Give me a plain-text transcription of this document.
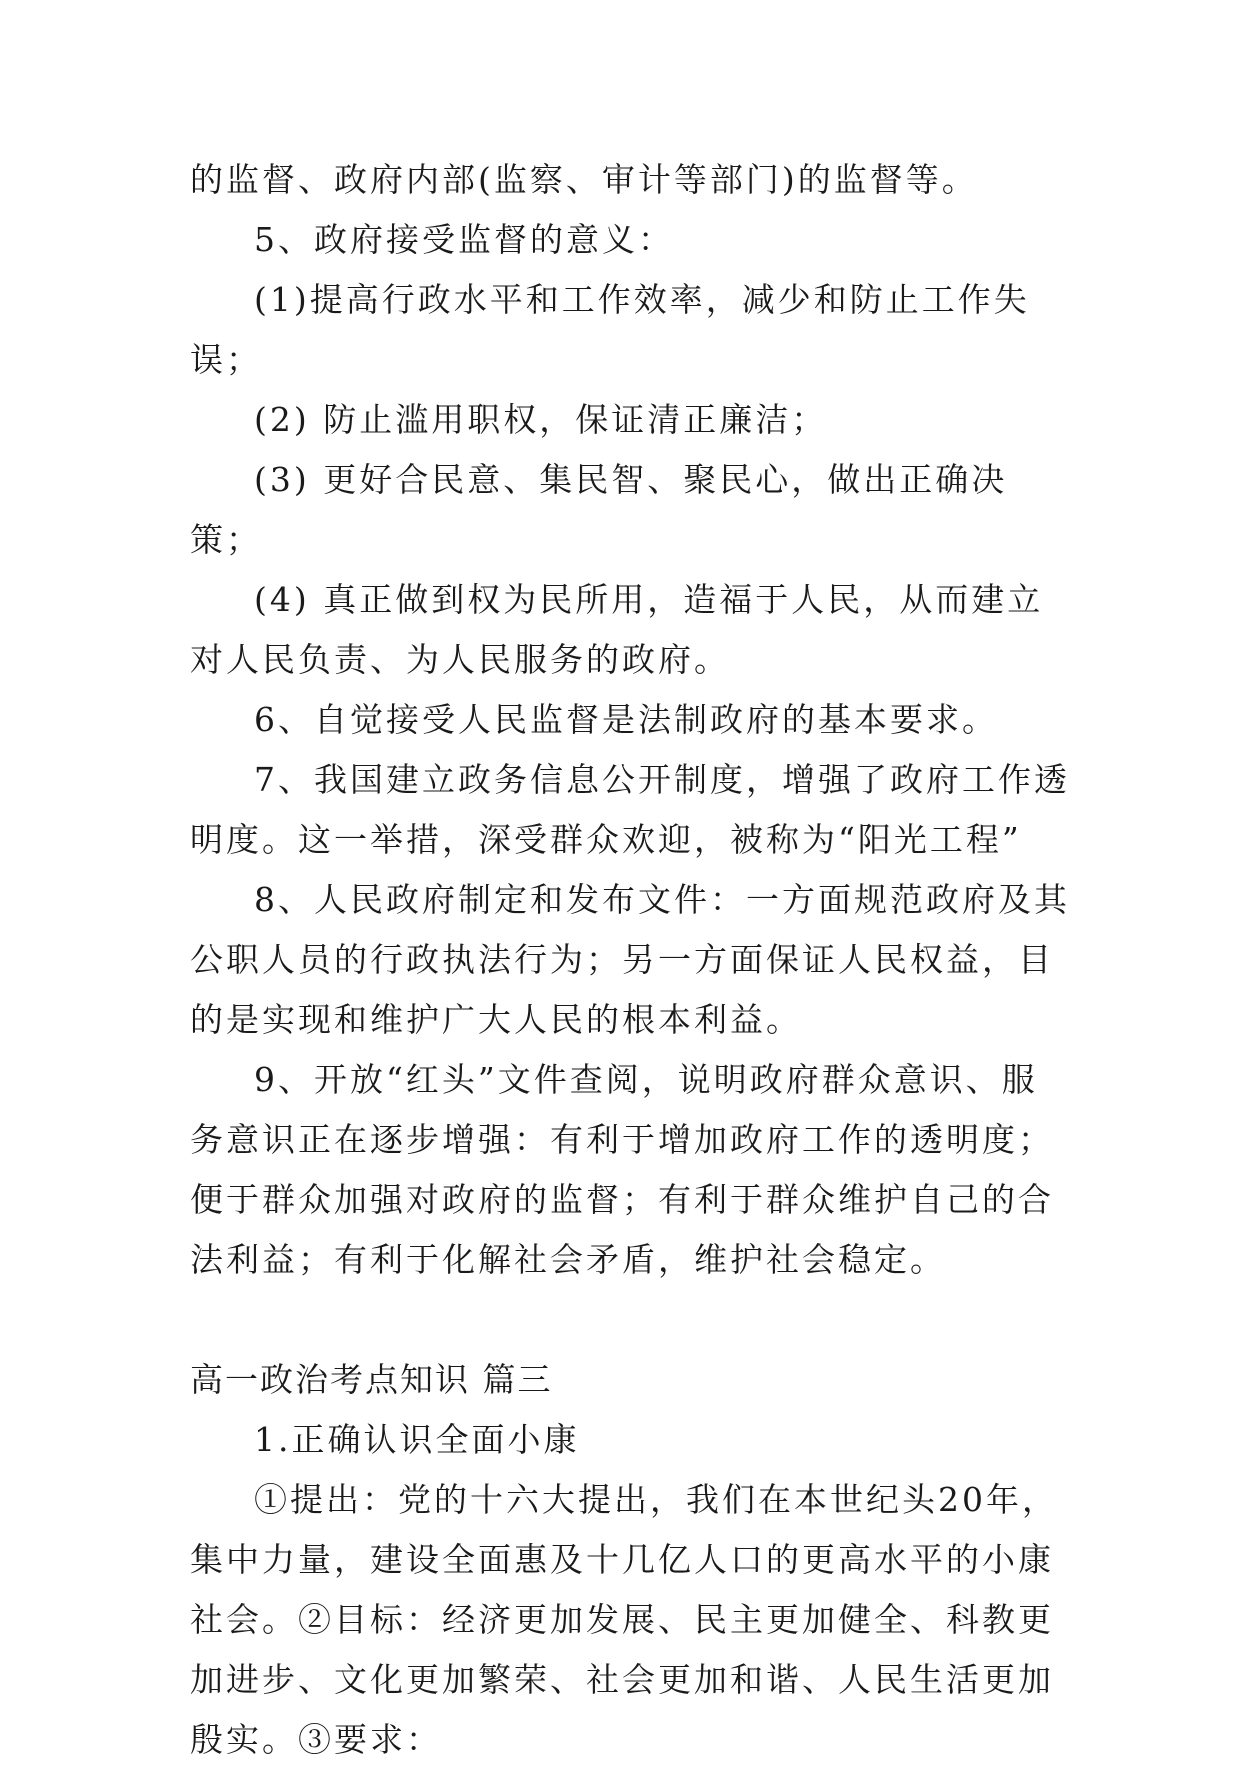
的监督、政府内部(监察、审计等部门)的监督等。

5、政府接受监督的意义：

(1)提高行政水平和工作效率，减少和防止工作失误；

(2) 防止滥用职权，保证清正廉洁；

(3) 更好合民意、集民智、聚民心，做出正确决策；

(4) 真正做到权为民所用，造福于人民，从而建立对人民负责、为人民服务的政府。

6、自觉接受人民监督是法制政府的基本要求。

7、我国建立政务信息公开制度，增强了政府工作透明度。这一举措，深受群众欢迎，被称为“阳光工程”

8、人民政府制定和发布文件：一方面规范政府及其公职人员的行政执法行为；另一方面保证人民权益，目的是实现和维护广大人民的根本利益。

9、开放“红头”文件查阅，说明政府群众意识、服务意识正在逐步增强：有利于增加政府工作的透明度；便于群众加强对政府的监督；有利于群众维护自己的合法利益；有利于化解社会矛盾，维护社会稳定。

高一政治考点知识 篇三

1.正确认识全面小康

①提出：党的十六大提出，我们在本世纪头20年，集中力量，建设全面惠及十几亿人口的更高水平的小康社会。②目标：经济更加发展、民主更加健全、科教更加进步、文化更加繁荣、社会更加和谐、人民生活更加殷实。③要求：
